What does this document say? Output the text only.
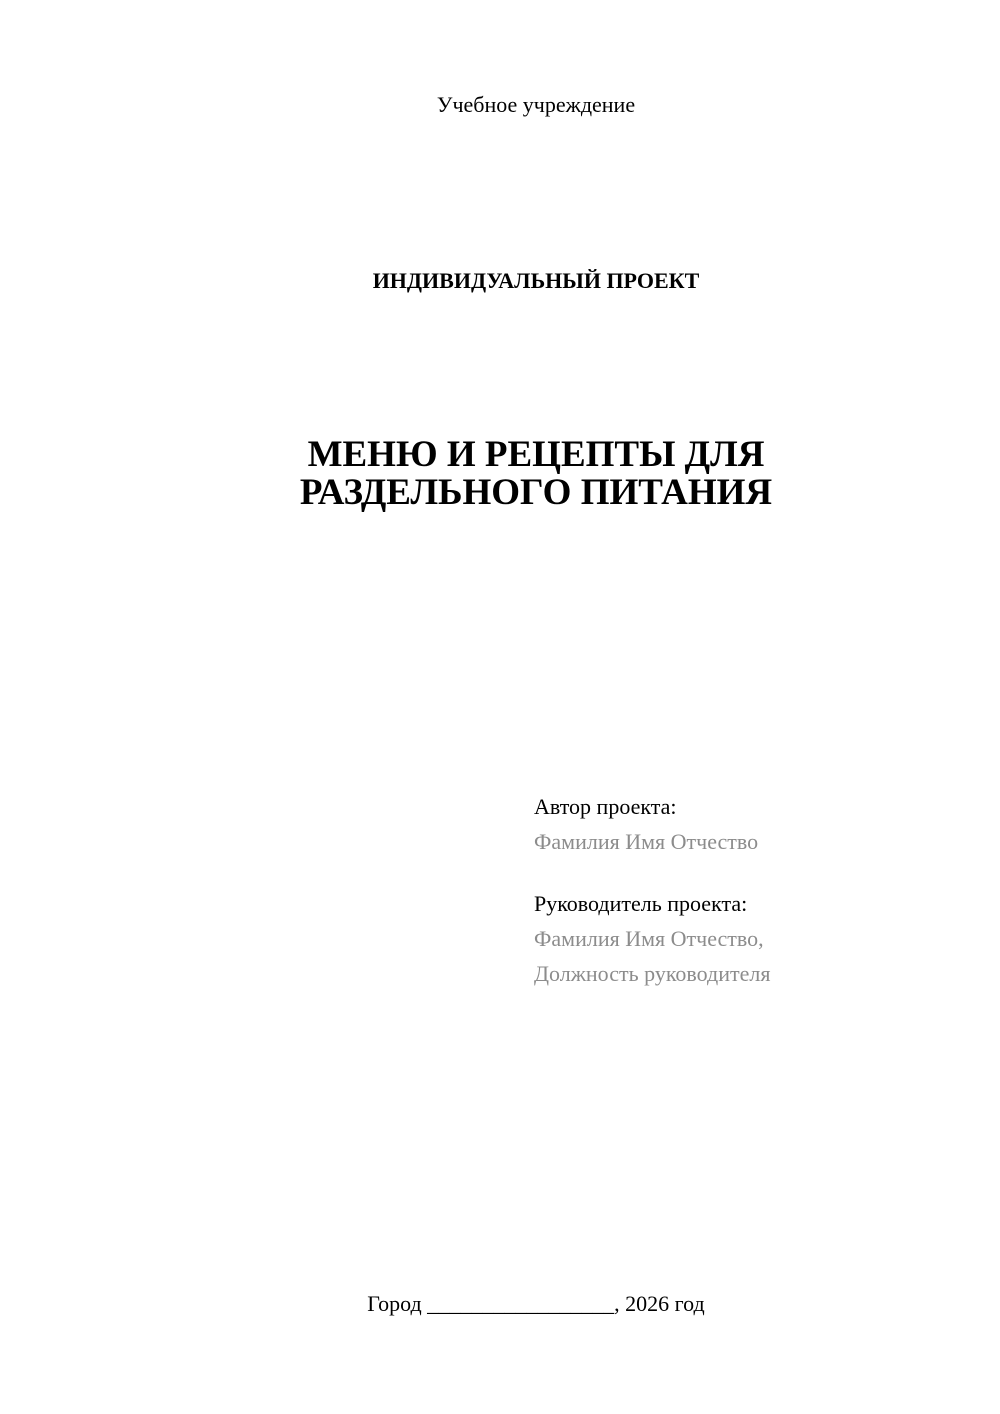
Учебное учреждение

ИНДИВИДУАЛЬНЫЙ ПРОЕКТ

МЕНЮ И РЕЦЕПТЫ ДЛЯ
РАЗДЕЛЬНОГО ПИТАНИЯ
Автор проекта:
Фамилия Имя Отчество
Руководитель проекта:
Фамилия Имя Отчество,
Должность руководителя

Город _________________, 2026 год
